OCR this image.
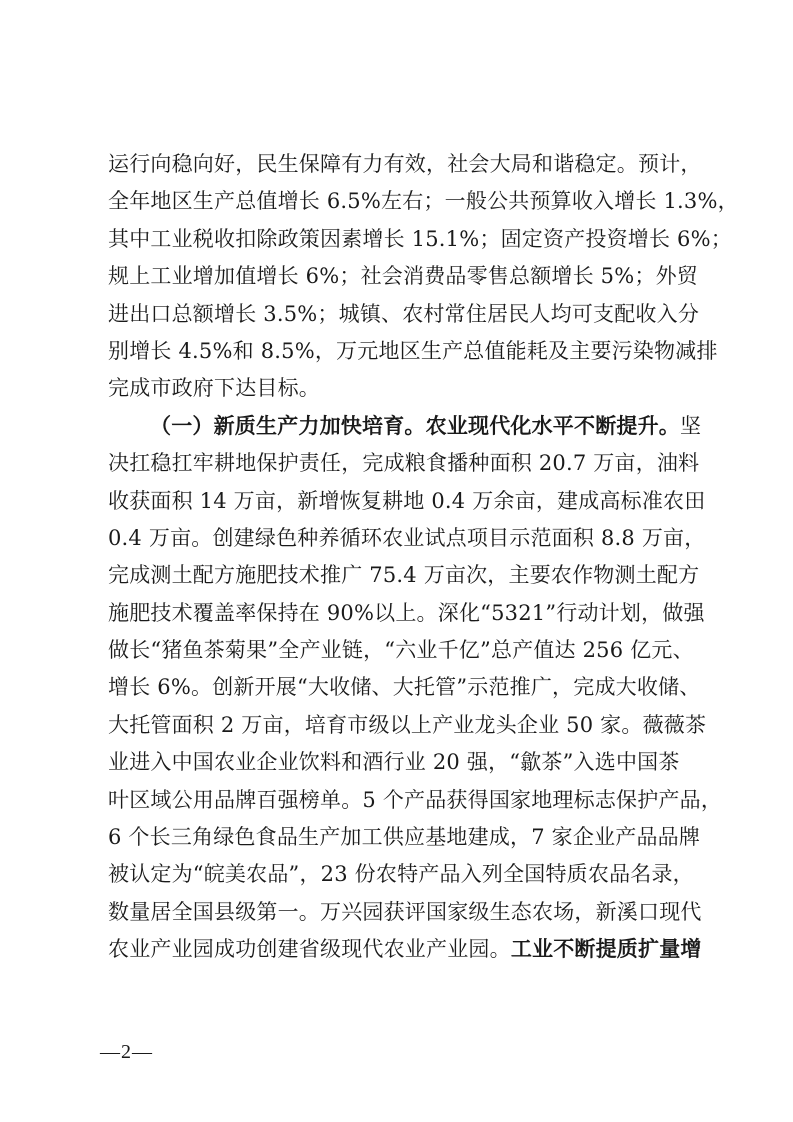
运行向稳向好，民生保障有力有效，社会大局和谐稳定。预计，
全年地区生产总值增长 6.5%左右；一般公共预算收入增长 1.3%，
其中工业税收扣除政策因素增长 15.1%；固定资产投资增长 6%；
规上工业增加值增长 6%；社会消费品零售总额增长 5%；外贸
进出口总额增长 3.5%；城镇、农村常住居民人均可支配收入分
别增长 4.5%和 8.5%，万元地区生产总值能耗及主要污染物减排
完成市政府下达目标。
（一）新质生产力加快培育。农业现代化水平不断提升。坚
决扛稳扛牢耕地保护责任，完成粮食播种面积 20.7 万亩，油料
收获面积 14 万亩，新增恢复耕地 0.4 万余亩，建成高标准农田
0.4 万亩。创建绿色种养循环农业试点项目示范面积 8.8 万亩，
完成测土配方施肥技术推广 75.4 万亩次，主要农作物测土配方
施肥技术覆盖率保持在 90%以上。深化“5321”行动计划，做强
做长“猪鱼茶菊果”全产业链，“六业千亿”总产值达 256 亿元、
增长 6%。创新开展“大收储、大托管”示范推广，完成大收储、
大托管面积 2 万亩，培育市级以上产业龙头企业 50 家。薇薇茶
业进入中国农业企业饮料和酒行业 20 强，“歙茶”入选中国茶
叶区域公用品牌百强榜单。5 个产品获得国家地理标志保护产品，
6 个长三角绿色食品生产加工供应基地建成，7 家企业产品品牌
被认定为“皖美农品”，23 份农特产品入列全国特质农品名录，
数量居全国县级第一。万兴园获评国家级生态农场，新溪口现代
农业产业园成功创建省级现代农业产业园。工业不断提质扩量增
—2—
